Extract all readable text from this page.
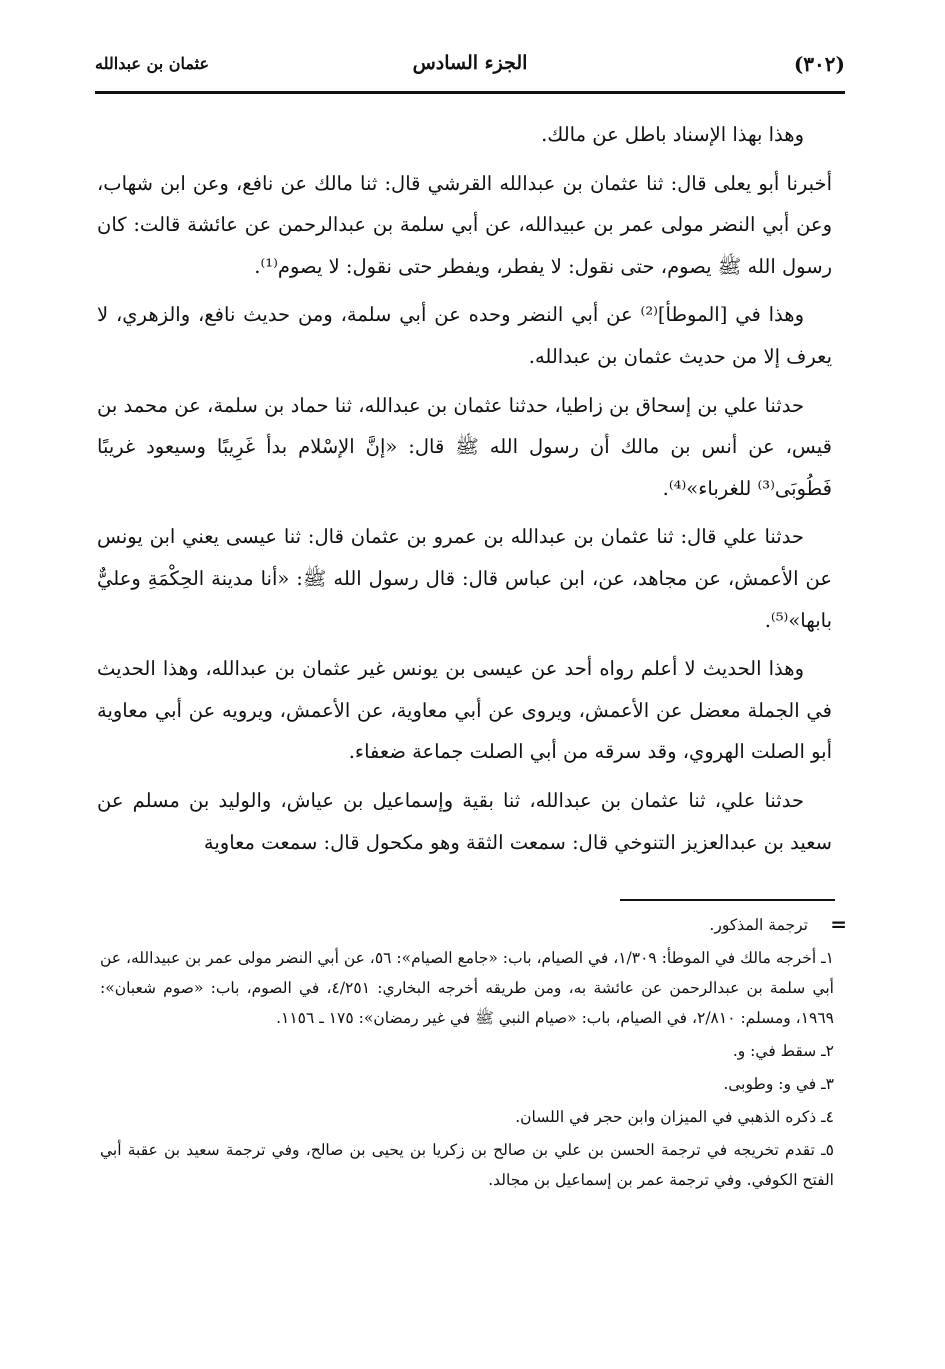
(٣٠٢)
الجزء السادس
عثمان بن عبدالله

وهذا بهذا الإسناد باطل عن مالك.

أخبرنا أبو يعلى قال: ثنا عثمان بن عبدالله القرشي قال: ثنا مالك عن نافع، وعن ابن شهاب، وعن أبي النضر مولى عمر بن عبيدالله، عن أبي سلمة بن عبدالرحمن عن عائشة قالت: كان رسول الله ﷺ يصوم، حتى نقول: لا يفطر، ويفطر حتى نقول: لا يصوم⁽¹⁾.

وهذا في [الموطأ]⁽²⁾ عن أبي النضر وحده عن أبي سلمة، ومن حديث نافع، والزهري، لا يعرف إلا من حديث عثمان بن عبدالله.

حدثنا علي بن إسحاق بن زاطيا، حدثنا عثمان بن عبدالله، ثنا حماد بن سلمة، عن محمد بن قيس، عن أنس بن مالك أن رسول الله ﷺ قال: «إنَّ الإسْلام بدأ غَرِيبًا وسيعود غريبًا فَطُوبَى⁽³⁾ للغرباء»⁽⁴⁾.

حدثنا علي قال: ثنا عثمان بن عبدالله بن عمرو بن عثمان قال: ثنا عيسى يعني ابن يونس عن الأعمش، عن مجاهد، عن، ابن عباس قال: قال رسول الله ﷺ: «أنا مدينة الحِكْمَةِ وعليٌّ بابها»⁽⁵⁾.

وهذا الحديث لا أعلم رواه أحد عن عيسى بن يونس غير عثمان بن عبدالله، وهذا الحديث في الجملة معضل عن الأعمش، ويروى عن أبي معاوية، عن الأعمش، ويرويه عن أبي معاوية أبو الصلت الهروي، وقد سرقه من أبي الصلت جماعة ضعفاء.

حدثنا علي، ثنا عثمان بن عبدالله، ثنا بقية وإسماعيل بن عياش، والوليد بن مسلم عن سعيد بن عبدالعزيز التنوخي قال: سمعت الثقة وهو مكحول قال: سمعت معاوية

=
ترجمة المذكور.
١ـ أخرجه مالك في الموطأ: ١/٣٠٩، في الصيام، باب: «جامع الصيام»: ٥٦، عن أبي النضر مولى عمر بن عبيدالله، عن أبي سلمة بن عبدالرحمن عن عائشة به، ومن طريقه أخرجه البخاري: ٤/٢٥١، في الصوم، باب: «صوم شعبان»: ١٩٦٩، ومسلم: ٢/٨١٠، في الصيام، باب: «صيام النبي ﷺ في غير رمضان»: ١٧٥ ـ ١١٥٦.
٢ـ سقط في: و.
٣ـ في و: وطوبى.
٤ـ ذكره الذهبي في الميزان وابن حجر في اللسان.
٥ـ تقدم تخريجه في ترجمة الحسن بن علي بن صالح بن زكريا بن يحيى بن صالح، وفي ترجمة سعيد بن عقبة أبي الفتح الكوفي. وفي ترجمة عمر بن إسماعيل بن مجالد.
